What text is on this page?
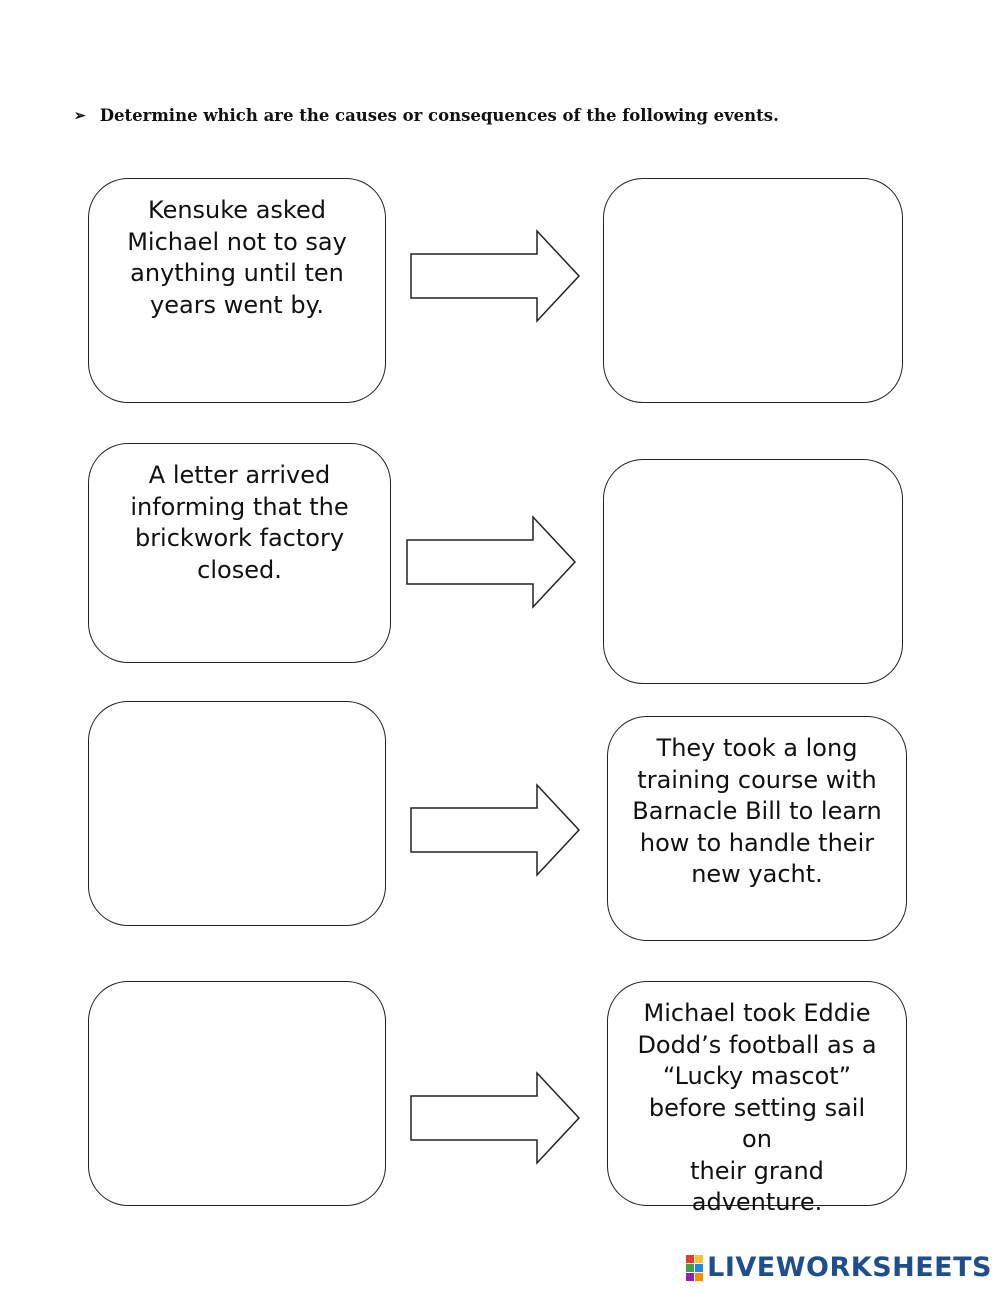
➢ Determine which are the causes or consequences of the following events.
Kensuke asked
Michael not to say
anything until ten
years went by.
A letter arrived
informing that the
brickwork factory
closed.
They took a long
training course with
Barnacle Bill to learn
how to handle their
new yacht.
Michael took Eddie
Dodd’s football as a
“Lucky mascot”
before setting sail on
their grand
adventure.
LIVEWORKSHEETS
